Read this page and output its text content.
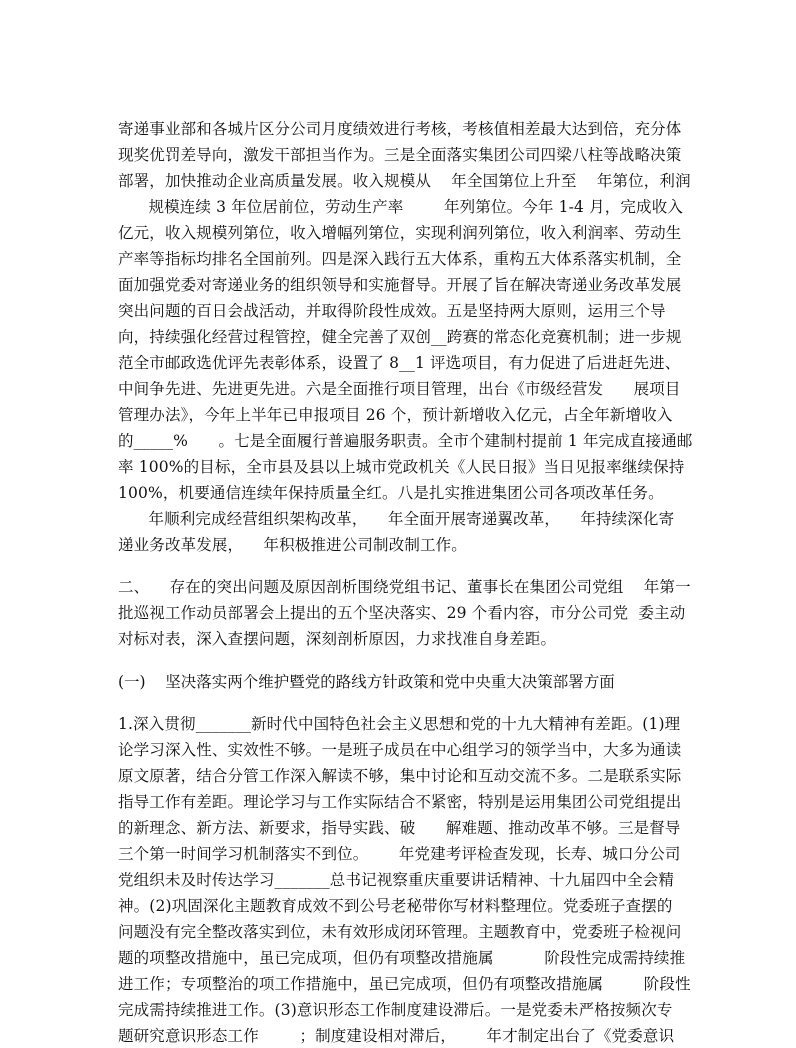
寄递事业部和各城片区分公司月度绩效进行考核，考核值相差最大达到倍，充分体
现奖优罚差导向，激发干部担当作为。三是全面落实集团公司四梁八柱等战略决策
部署，加快推动企业高质量发展。收入规模从    年全国第位上升至    年第位，利润
规模连续 3 年位居前位，劳动生产率        年列第位。今年 1-4 月，完成收入
亿元，收入规模列第位，收入增幅列第位，实现利润列第位，收入利润率、劳动生
产率等指标均排名全国前列。四是深入践行五大体系，重构五大体系落实机制，全
面加强党委对寄递业务的组织领导和实施督导。开展了旨在解决寄递业务改革发展
突出问题的百日会战活动，并取得阶段性成效。五是坚持两大原则，运用三个导
向，持续强化经营过程管控，健全完善了双创__跨赛的常态化竞赛机制；进一步规
范全市邮政选优评先表彰体系，设置了 8__1 评选项目，有力促进了后进赶先进、
中间争先进、先进更先进。六是全面推行项目管理，出台《市级经营发      展项目
管理办法》，今年上半年已申报项目 26 个，预计新增收入亿元，占全年新增收入
的_____%      。七是全面履行普遍服务职责。全市个建制村提前 1 年完成直接通邮
率 100%的目标，全市县及县以上城市党政机关《人民日报》当日见报率继续保持
100%，机要通信连续年保持质量全红。八是扎实推进集团公司各项改革任务。
年顺利完成经营组织架构改革，    年全面开展寄递翼改革，    年持续深化寄
递业务改革发展，    年积极推进公司制改制工作。
二、    存在的突出问题及原因剖析围绕党组书记、董事长在集团公司党组    年第一
批巡视工作动员部署会上提出的五个坚决落实、29 个看内容，市分公司党  委主动
对标对表，深入查摆问题，深刻剖析原因，力求找准自身差距。
(一)    坚决落实两个维护暨党的路线方针政策和党中央重大决策部署方面
1.深入贯彻_______新时代中国特色社会主义思想和党的十九大精神有差距。(1)理
论学习深入性、实效性不够。一是班子成员在中心组学习的领学当中，大多为通读
原文原著，结合分管工作深入解读不够，集中讨论和互动交流不多。二是联系实际
指导工作有差距。理论学习与工作实际结合不紧密，特别是运用集团公司党组提出
的新理念、新方法、新要求，指导实践、破      解难题、推动改革不够。三是督导
三个第一时间学习机制落实不到位。      年党建考评检查发现，长寿、城口分公司
党组织未及时传达学习_______总书记视察重庆重要讲话精神、十九届四中全会精
神。(2)巩固深化主题教育成效不到公号老秘带你写材料整理位。党委班子查摆的
问题没有完全整改落实到位，未有效形成闭环管理。主题教育中，党委班子检视问
题的项整改措施中，虽已完成项，但仍有项整改措施属          阶段性完成需持续推
进工作；专项整治的项工作措施中，虽已完成项，但仍有项整改措施属        阶段性
完成需持续推进工作。(3)意识形态工作制度建设滞后。一是党委未严格按频次专
题研究意识形态工作        ；制度建设相对滞后，      年才制定出台了《党委意识
